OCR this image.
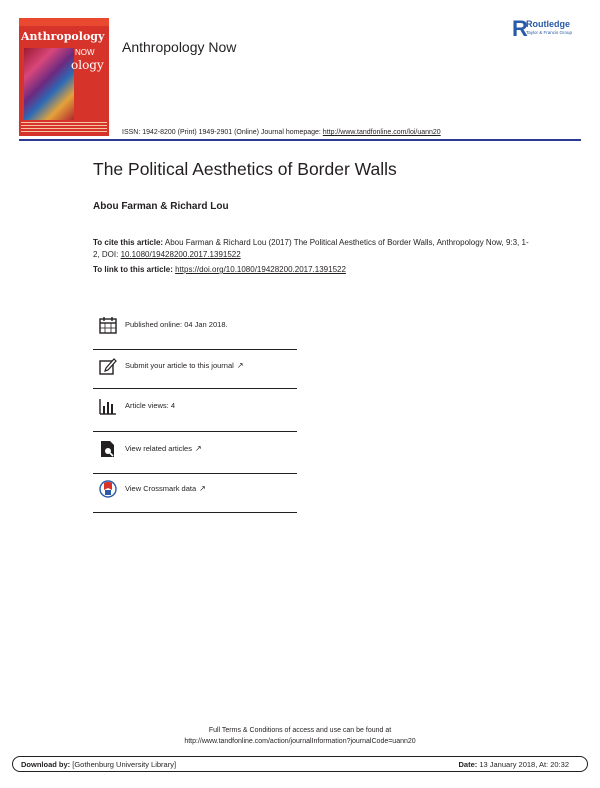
Anthropology
NOW
ology
Anthropology Now
R
Routledge
Taylor & Francis Group
ISSN: 1942-8200 (Print) 1949-2901 (Online) Journal homepage: http://www.tandfonline.com/loi/uann20
The Political Aesthetics of Border Walls
Abou Farman & Richard Lou
To cite this article: Abou Farman & Richard Lou (2017) The Political Aesthetics of Border Walls, Anthropology Now, 9:3, 1-2, DOI: 10.1080/19428200.2017.1391522
To link to this article: https://doi.org/10.1080/19428200.2017.1391522
Published online: 04 Jan 2018.
Submit your article to this journal ↗
Article views: 4
View related articles ↗
View Crossmark data ↗
Full Terms & Conditions of access and use can be found at
http://www.tandfonline.com/action/journalInformation?journalCode=uann20
Download by: [Gothenburg University Library]	Date: 13 January 2018, At: 20:32
